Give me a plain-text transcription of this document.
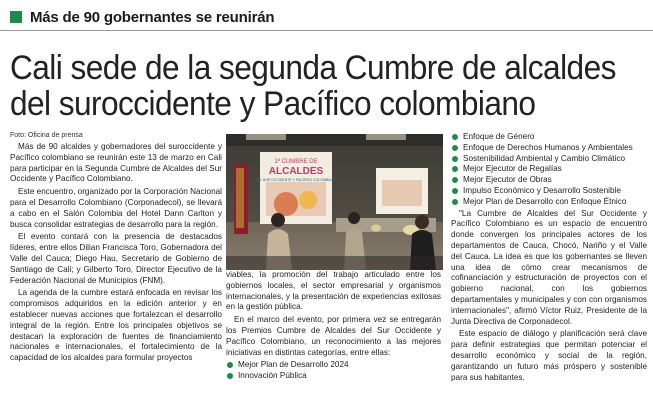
Más de 90 gobernantes se reunirán
Cali sede de la segunda Cumbre de alcaldes
del suroccidente y Pacífico colombiano
Foto: Oficina de prensa

Más de 90 alcaldes y gobernadores del suroccidente y Pacífico colombiano se reunirán este 13 de marzo en Cali para participar en la Segunda Cumbre de Alcaldes del Sur Occidente y Pacífico Colombiano.

Este encuentro, organizado por la Corporación Nacional para el Desarrollo Colombiano (Corponadecol), se llevará a cabo en el Salón Colombia del Hotel Dann Carlton y busca consolidar estrategias de desarrollo para la región.

El evento contará con la presencia de destacados líderes, entre ellos Dilian Francisca Toro, Gobernadora del Valle del Cauca; Diego Hau, Secretario de Gobierno de Santiago de Cali; y Gilberto Toro, Director Ejecutivo de la Federación Nacional de Municipios (FNM).

La agenda de la cumbre estará enfocada en revisar los compromisos adquiridos en la edición anterior y en establecer nuevas acciones que fortalezcan el desarrollo integral de la región. Entre los principales objetivos se destacan la exploración de fuentes de financiamiento nacionales e internacionales, el fortalecimiento de la capacidad de los alcaldes para formular proyectos

1ª CUMBRE DE
ALCALDES
DEL SUR OCCIDENTE Y PACÍFICO COLOMBIANO

viables, la promoción del trabajo articulado entre los gobiernos locales, el sector empresarial y organismos internacionales, y la presentación de experiencias exitosas en la gestión pública.

En el marco del evento, por primera vez se entregarán los Premios Cumbre de Alcaldes del Sur Occidente y Pacífico Colombiano, un reconocimiento a las mejores iniciativas en distintas categorías, entre ellas:

Mejor Plan de Desarrollo 2024
Innovación Pública
Enfoque de Género
Enfoque de Derechos Humanos y Ambientales
Sostenibilidad Ambiental y Cambio Climático
Mejor Ejecutor de Regalías
Mejor Ejecutor de Obras
Impulso Económico y Desarrollo Sostenible
Mejor Plan de Desarrollo con Enfoque Étnico

"La Cumbre de Alcaldes del Sur Occidente y Pacífico Colombiano es un espacio de encuentro donde convergen los principales actores de los departamentos de Cauca, Chocó, Nariño y el Valle del Cauca. La idea es que los gobernantes se lleven una idea de cómo crear mecanismos de cofinanciación y estructuración de proyectos con el gobierno nacional, con los gobiernos departamentales y municipales y con con organismos internacionales", afirmó Víctor Ruiz, Presidente de la Junta Directiva de Corponadecol.

Este espacio de diálogo y planificación será clave para definir estrategias que permitan potenciar el desarrollo económico y social de la región, garantizando un futuro más próspero y sostenible para sus habitantes.
